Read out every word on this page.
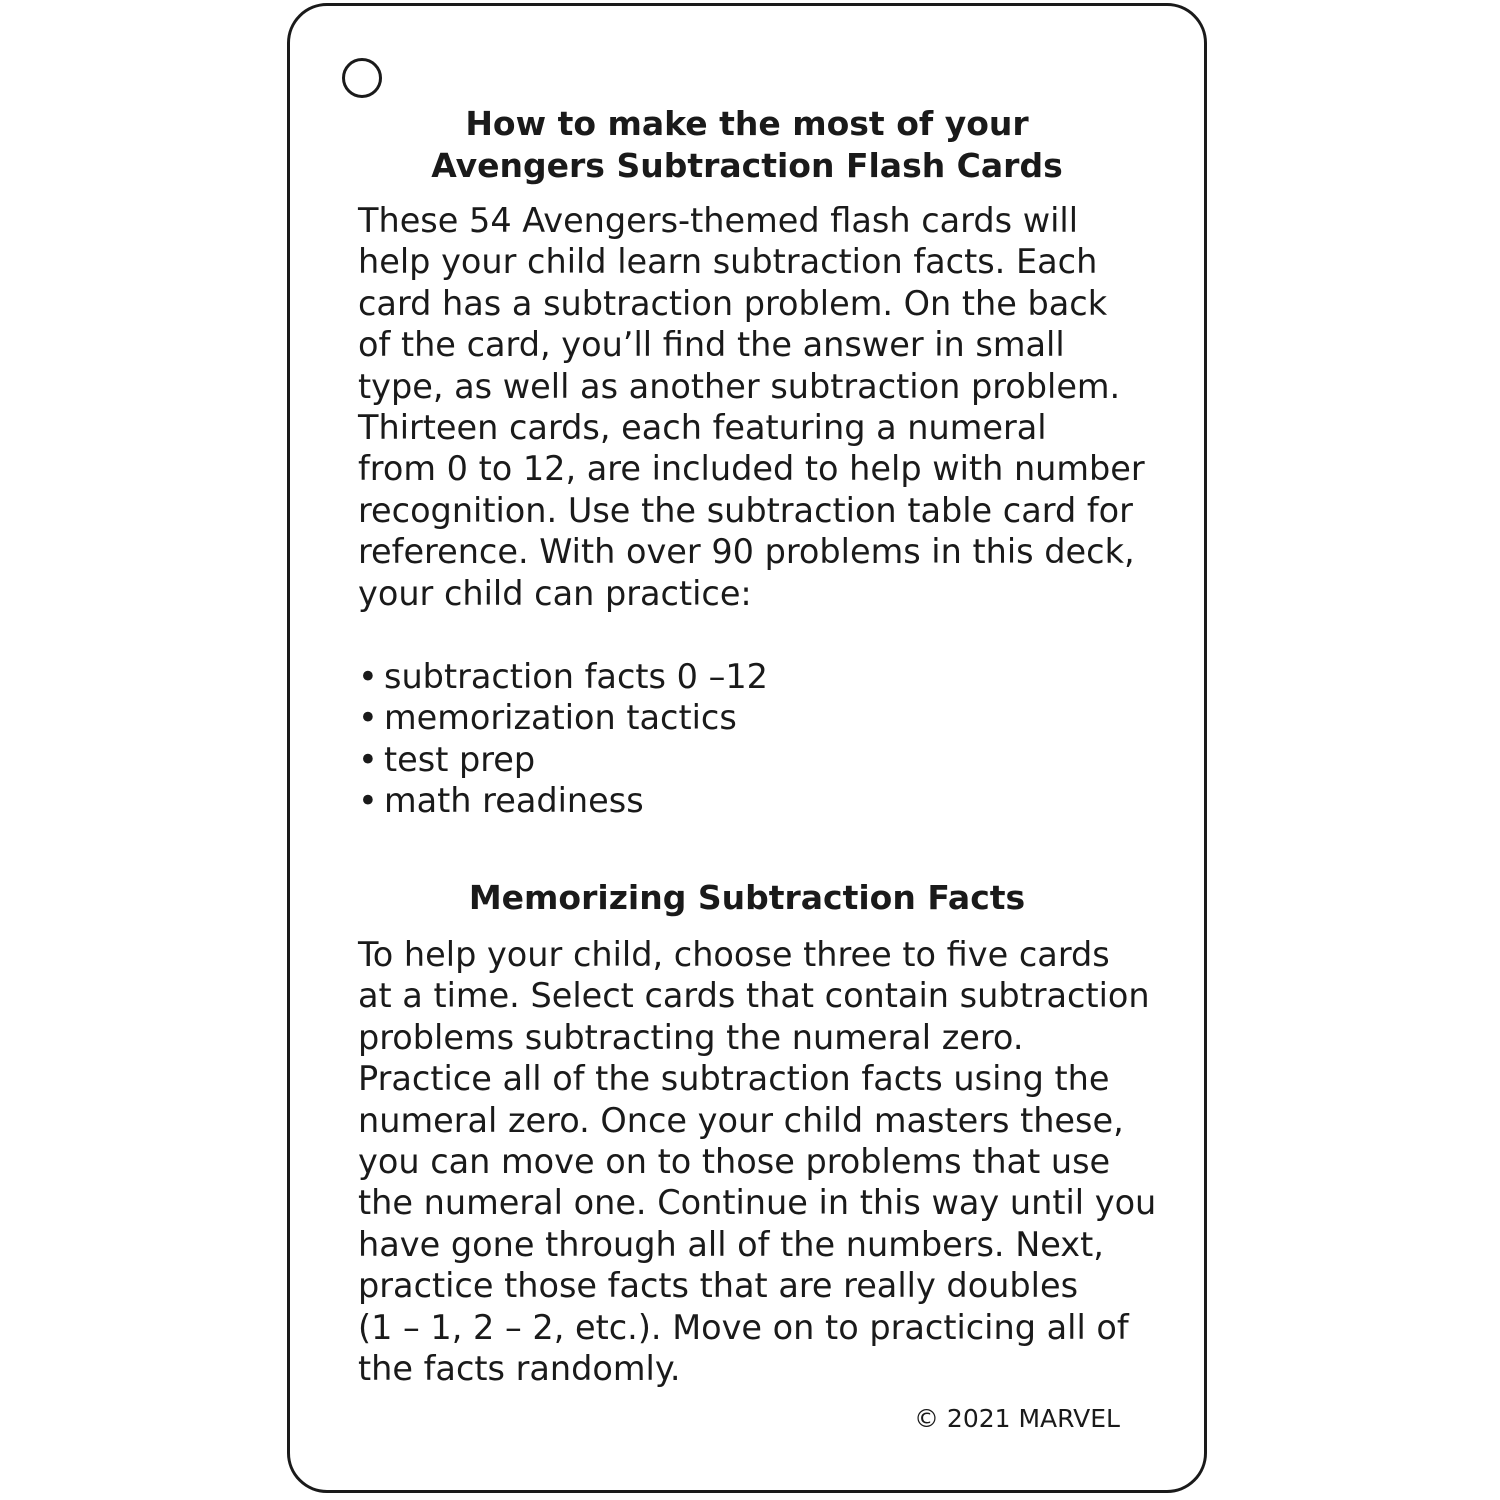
How to make the most of your
Avengers Subtraction Flash Cards

These 54 Avengers-themed flash cards will
help your child learn subtraction facts. Each
card has a subtraction problem. On the back
of the card, you’ll find the answer in small
type, as well as another subtraction problem.
Thirteen cards, each featuring a numeral
from 0 to 12, are included to help with number
recognition. Use the subtraction table card for
reference. With over 90 problems in this deck,
your child can practice:

• subtraction facts 0 –12
• memorization tactics
• test prep
• math readiness
Memorizing Subtraction Facts

To help your child, choose three to five cards
at a time. Select cards that contain subtraction
problems subtracting the numeral zero.
Practice all of the subtraction facts using the
numeral zero. Once your child masters these,
you can move on to those problems that use
the numeral one. Continue in this way until you
have gone through all of the numbers. Next,
practice those facts that are really doubles
(1 – 1, 2 – 2, etc.). Move on to practicing all of
the facts randomly.

© 2021 MARVEL
